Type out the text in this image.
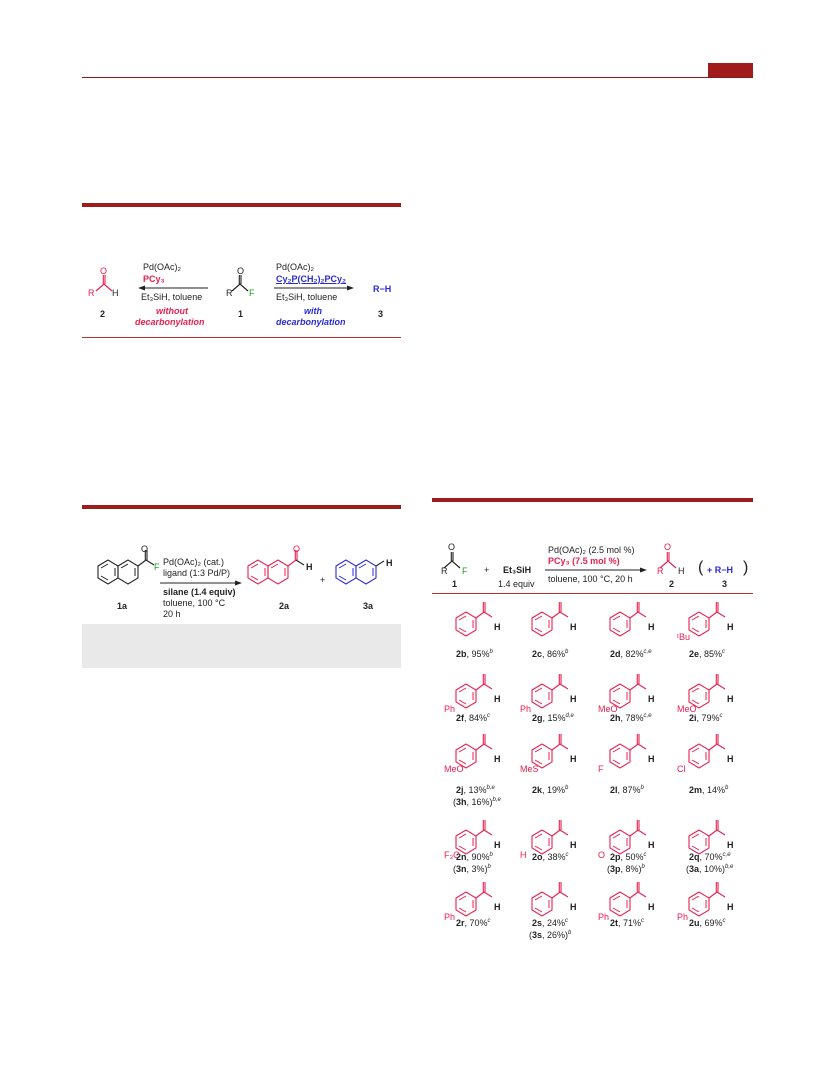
O
R H
2
Pd(OAc)₂
PCy₃
Et₃SiH, toluene
without
decarbonylation
O
R F
1
Pd(OAc)₂
Cy₂P(CH₂)₂PCy₂
Et₃SiH, toluene
with
decarbonylation
R−H
3
O
F
1a
Pd(OAc)₂ (cat.)
ligand (1:3 Pd/P)
silane (1.4 equiv)
toluene, 100 °C
20 h
O
H
2a
+
H
3a
O
R F
1
+ Et₃SiH
1.4 equiv
Pd(OAc)₂ (2.5 mol %)
PCy₃ (7.5 mol %)
toluene, 100 °C, 20 h
O
R H
2
( + R−H )
3
H
2b, 95%$^b$
H
2c, 86%$^b$
H
2d, 82%$^{c,e}$
H
ᵗBu
2e, 85%$^c$
H
Ph
2f, 84%$^c$
H
Ph
2g, 15%$^{d,e}$
H
MeO
2h, 78%$^{c,e}$
H
MeO
2i, 79%$^c$
H
MeO
2j, 13%$^{b,e}$
(3h, 16%)$^{b,e}$
H
MeS
2k, 19%$^b$
H
F
2l, 87%$^b$
H
Cl
2m, 14%$^b$
H
F₃C
2n, 90%$^b$
(3n, 3%)$^b$
H
H 2o, 38%$^c$
H
O 2p, 50%$^c$
(3p, 8%)$^b$
H
2q, 70%$^{c,e}$
(3a, 10%)$^{b,e}$
H
Ph
2r, 70%$^c$
H
2s, 24%$^c$
(3s, 26%)$^b$
H
Ph
2t, 71%$^c$
H
Ph
2u, 69%$^c$
